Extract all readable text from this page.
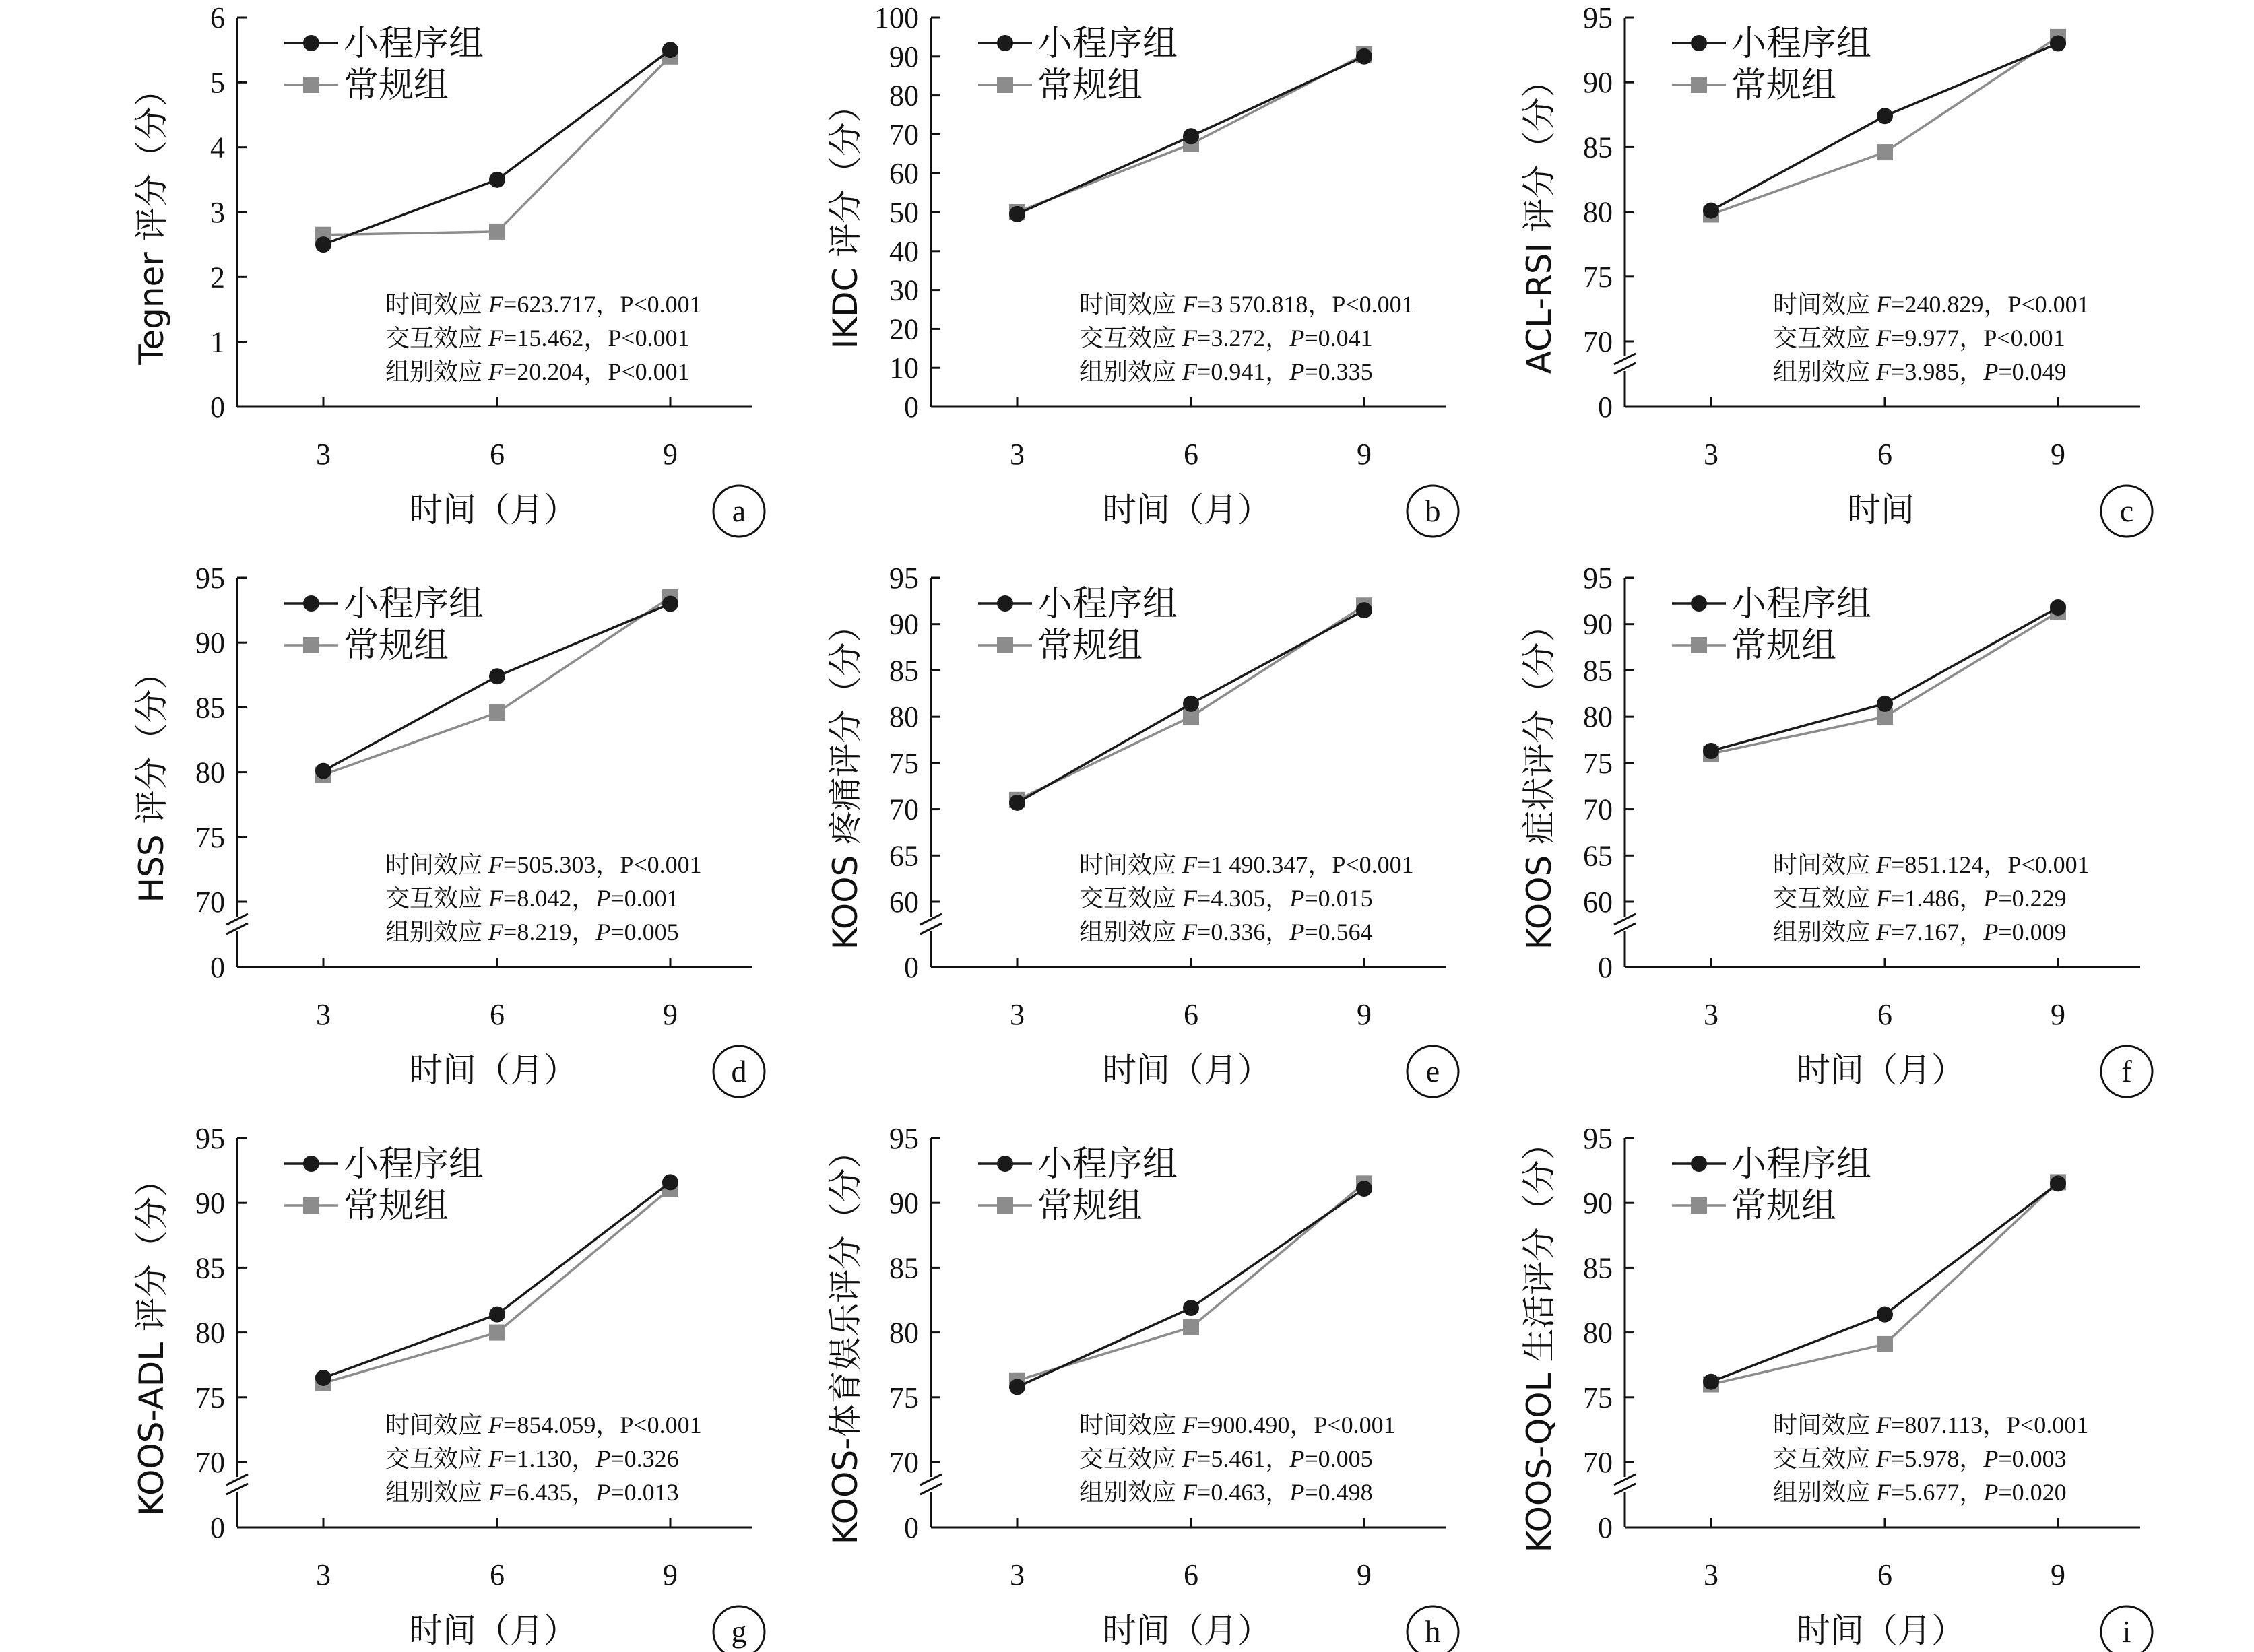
0
1
2
3
4
5
6
3	6	9
Tegner 评分（分）
时间（月）	a
小程序组
常规组
时间效应 F=623.717，P<0.001
交互效应 F=15.462，P<0.001
组别效应 F=20.204，P<0.001
0
10
20
30
40
50
60
70
80
90
100
3	6	9
IKDC 评分（分）
时间（月）	b
小程序组
常规组
时间效应 F=3 570.818，P<0.001
交互效应 F=3.272，P=0.041
组别效应 F=0.941，P=0.335
0
70
75
80
85
90
95
3	6	9
ACL-RSI 评分（分）
时间	c
小程序组
常规组
时间效应 F=240.829，P<0.001
交互效应 F=9.977，P<0.001
组别效应 F=3.985，P=0.049
0
70
75
80
85
90
95
3	6	9
HSS 评分（分）
时间（月）	d
小程序组
常规组
时间效应 F=505.303，P<0.001
交互效应 F=8.042，P=0.001
组别效应 F=8.219，P=0.005
0
60
65
70
75
80
85
90
95
3	6	9
KOOS 疼痛评分（分）
时间（月）	e
小程序组
常规组
时间效应 F=1 490.347，P<0.001
交互效应 F=4.305，P=0.015
组别效应 F=0.336，P=0.564
0
60
65
70
75
80
85
90
95
3	6	9
KOOS 症状评分（分）
时间（月）	f
小程序组
常规组
时间效应 F=851.124，P<0.001
交互效应 F=1.486，P=0.229
组别效应 F=7.167，P=0.009
0
70
75
80
85
90
95
3	6	9
KOOS-ADL 评分（分）
时间（月）	g
小程序组
常规组
时间效应 F=854.059，P<0.001
交互效应 F=1.130，P=0.326
组别效应 F=6.435，P=0.013
0
70
75
80
85
90
95
3	6	9
KOOS-体育娱乐评分（分）
时间（月）	h
小程序组
常规组
时间效应 F=900.490，P<0.001
交互效应 F=5.461，P=0.005
组别效应 F=0.463，P=0.498
0
70
75
80
85
90
95
3	6	9
KOOS-QOL 生活评分（分）
时间（月）	i
小程序组
常规组
时间效应 F=807.113，P<0.001
交互效应 F=5.978，P=0.003
组别效应 F=5.677，P=0.020
